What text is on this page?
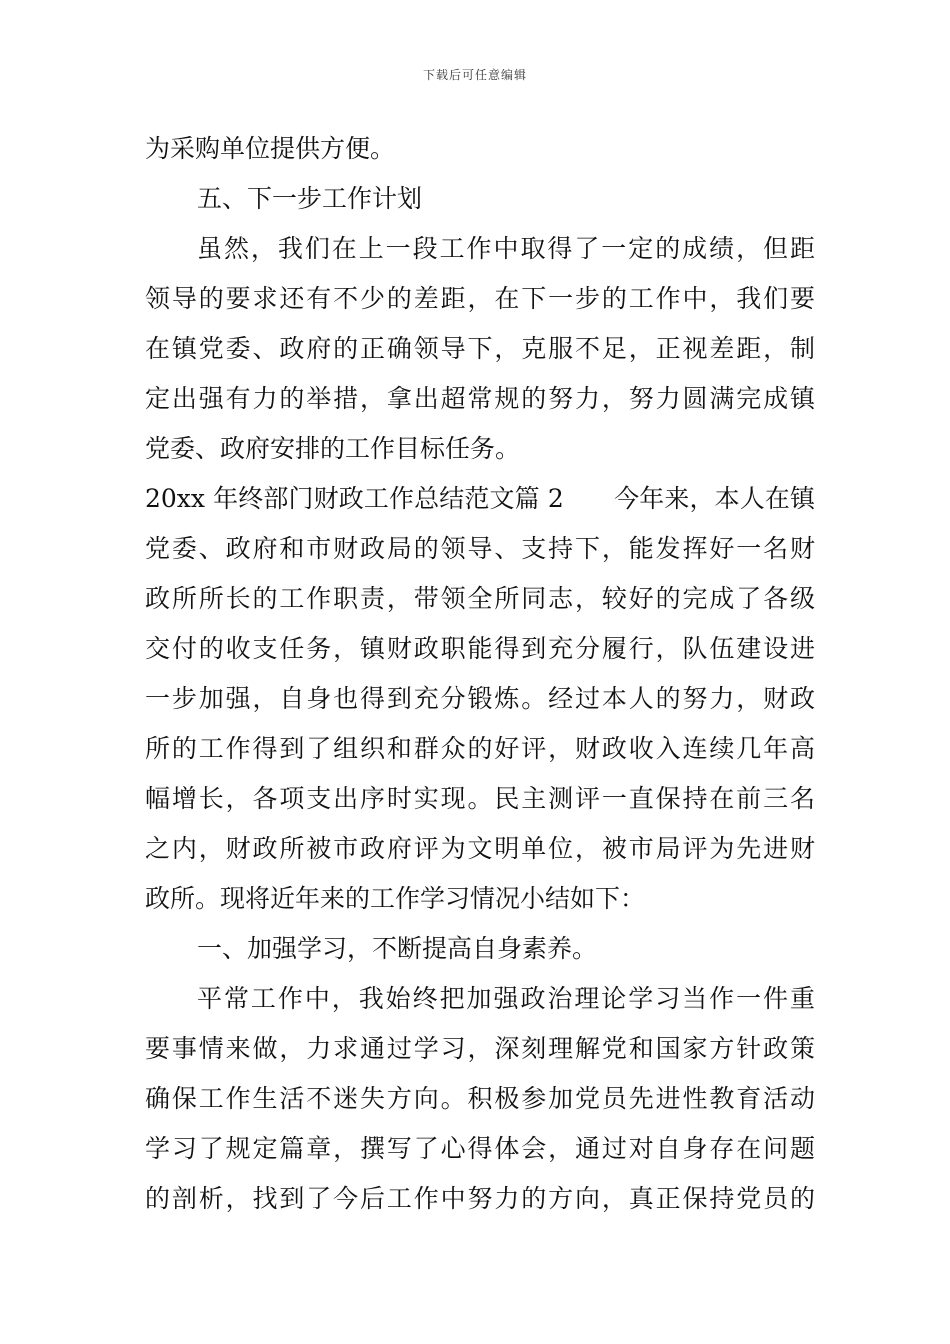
下载后可任意编辑
为采购单位提供方便。
五、下一步工作计划
虽然，我们在上一段工作中取得了一定的成绩，但距
领导的要求还有不少的差距，在下一步的工作中，我们要
在镇党委、政府的正确领导下，克服不足，正视差距，制
定出强有力的举措，拿出超常规的努力，努力圆满完成镇
党委、政府安排的工作目标任务。
20xx 年终部门财政工作总结范文篇 2　　今年来，本人在镇
党委、政府和市财政局的领导、支持下，能发挥好一名财
政所所长的工作职责，带领全所同志，较好的完成了各级
交付的收支任务，镇财政职能得到充分履行，队伍建设进
一步加强，自身也得到充分锻炼。经过本人的努力，财政
所的工作得到了组织和群众的好评，财政收入连续几年高
幅增长，各项支出序时实现。民主测评一直保持在前三名
之内，财政所被市政府评为文明单位，被市局评为先进财
政所。现将近年来的工作学习情况小结如下：
一、加强学习，不断提高自身素养。
平常工作中，我始终把加强政治理论学习当作一件重
要事情来做，力求通过学习，深刻理解党和国家方针政策
确保工作生活不迷失方向。积极参加党员先进性教育活动
学习了规定篇章，撰写了心得体会，通过对自身存在问题
的剖析，找到了今后工作中努力的方向，真正保持党员的
